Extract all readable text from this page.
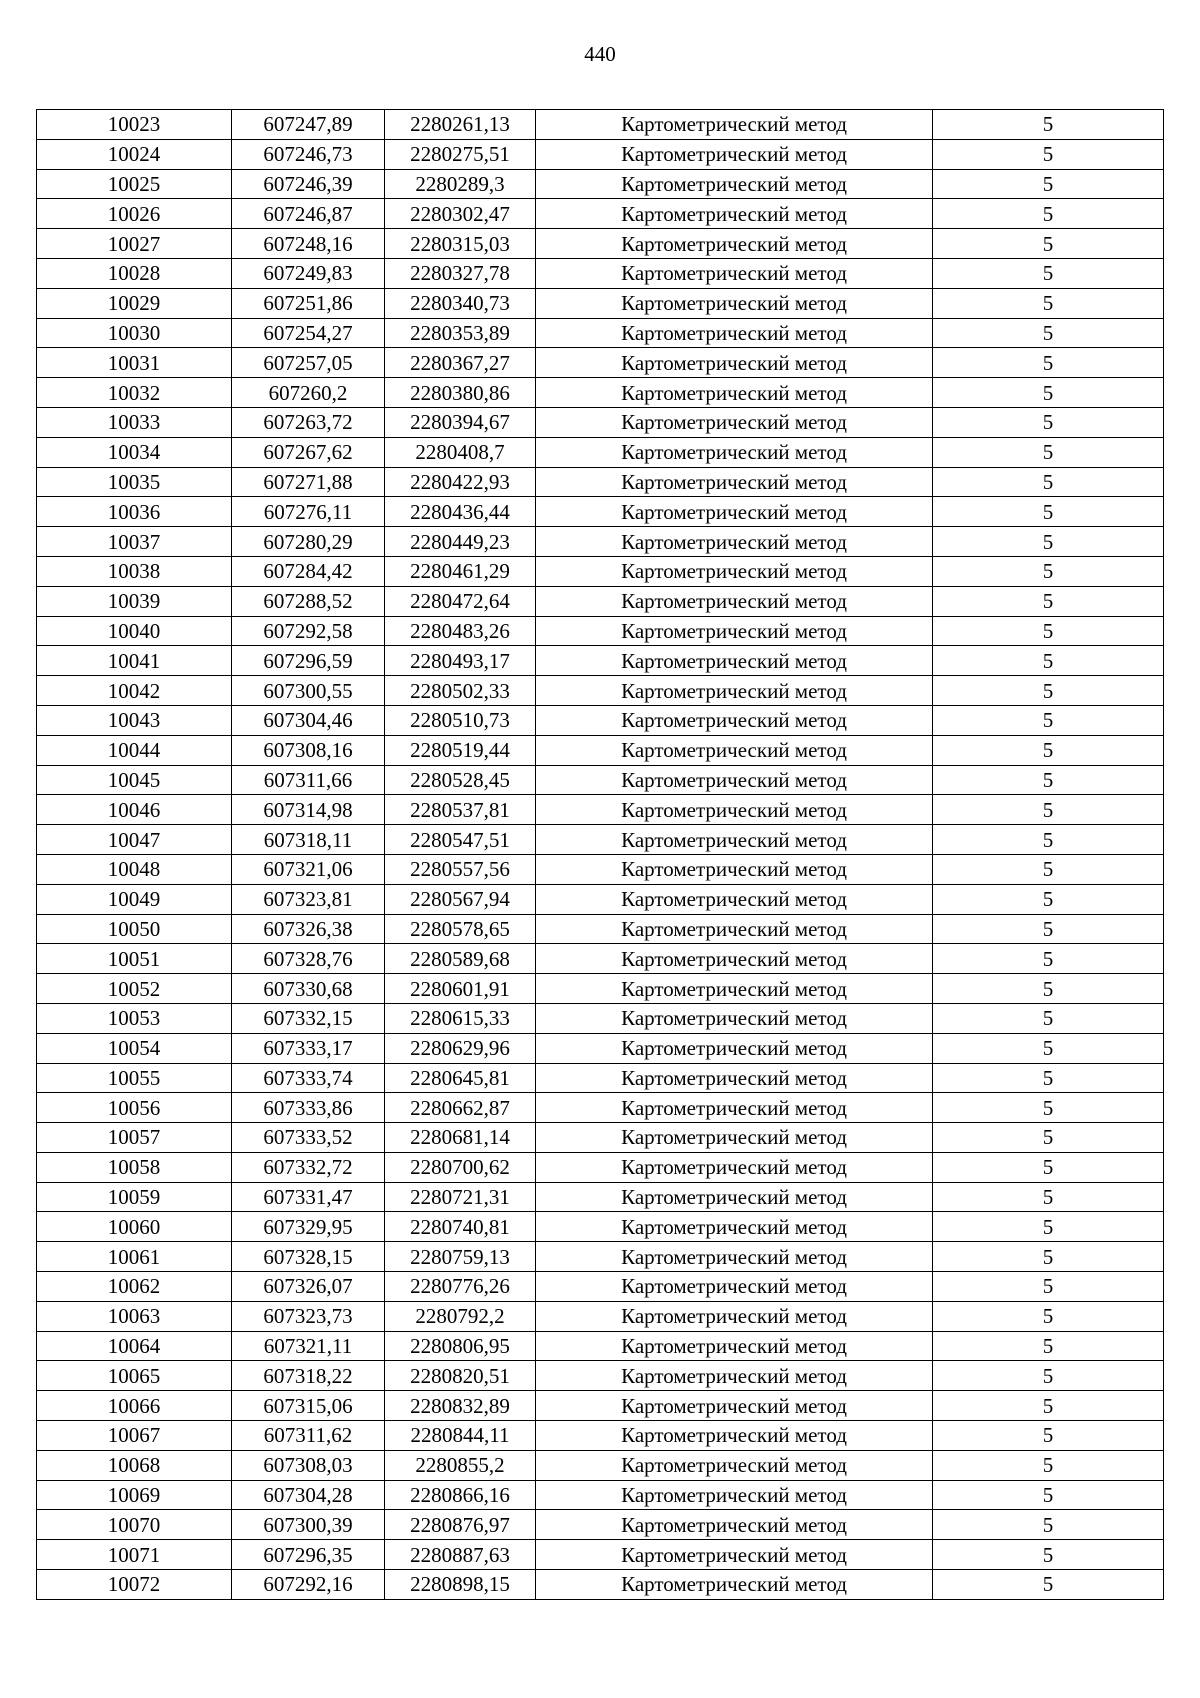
440
10023	607247,89	2280261,13	Картометрический метод	5
10024	607246,73	2280275,51	Картометрический метод	5
10025	607246,39	2280289,3	Картометрический метод	5
10026	607246,87	2280302,47	Картометрический метод	5
10027	607248,16	2280315,03	Картометрический метод	5
10028	607249,83	2280327,78	Картометрический метод	5
10029	607251,86	2280340,73	Картометрический метод	5
10030	607254,27	2280353,89	Картометрический метод	5
10031	607257,05	2280367,27	Картометрический метод	5
10032	607260,2	2280380,86	Картометрический метод	5
10033	607263,72	2280394,67	Картометрический метод	5
10034	607267,62	2280408,7	Картометрический метод	5
10035	607271,88	2280422,93	Картометрический метод	5
10036	607276,11	2280436,44	Картометрический метод	5
10037	607280,29	2280449,23	Картометрический метод	5
10038	607284,42	2280461,29	Картометрический метод	5
10039	607288,52	2280472,64	Картометрический метод	5
10040	607292,58	2280483,26	Картометрический метод	5
10041	607296,59	2280493,17	Картометрический метод	5
10042	607300,55	2280502,33	Картометрический метод	5
10043	607304,46	2280510,73	Картометрический метод	5
10044	607308,16	2280519,44	Картометрический метод	5
10045	607311,66	2280528,45	Картометрический метод	5
10046	607314,98	2280537,81	Картометрический метод	5
10047	607318,11	2280547,51	Картометрический метод	5
10048	607321,06	2280557,56	Картометрический метод	5
10049	607323,81	2280567,94	Картометрический метод	5
10050	607326,38	2280578,65	Картометрический метод	5
10051	607328,76	2280589,68	Картометрический метод	5
10052	607330,68	2280601,91	Картометрический метод	5
10053	607332,15	2280615,33	Картометрический метод	5
10054	607333,17	2280629,96	Картометрический метод	5
10055	607333,74	2280645,81	Картометрический метод	5
10056	607333,86	2280662,87	Картометрический метод	5
10057	607333,52	2280681,14	Картометрический метод	5
10058	607332,72	2280700,62	Картометрический метод	5
10059	607331,47	2280721,31	Картометрический метод	5
10060	607329,95	2280740,81	Картометрический метод	5
10061	607328,15	2280759,13	Картометрический метод	5
10062	607326,07	2280776,26	Картометрический метод	5
10063	607323,73	2280792,2	Картометрический метод	5
10064	607321,11	2280806,95	Картометрический метод	5
10065	607318,22	2280820,51	Картометрический метод	5
10066	607315,06	2280832,89	Картометрический метод	5
10067	607311,62	2280844,11	Картометрический метод	5
10068	607308,03	2280855,2	Картометрический метод	5
10069	607304,28	2280866,16	Картометрический метод	5
10070	607300,39	2280876,97	Картометрический метод	5
10071	607296,35	2280887,63	Картометрический метод	5
10072	607292,16	2280898,15	Картометрический метод	5
